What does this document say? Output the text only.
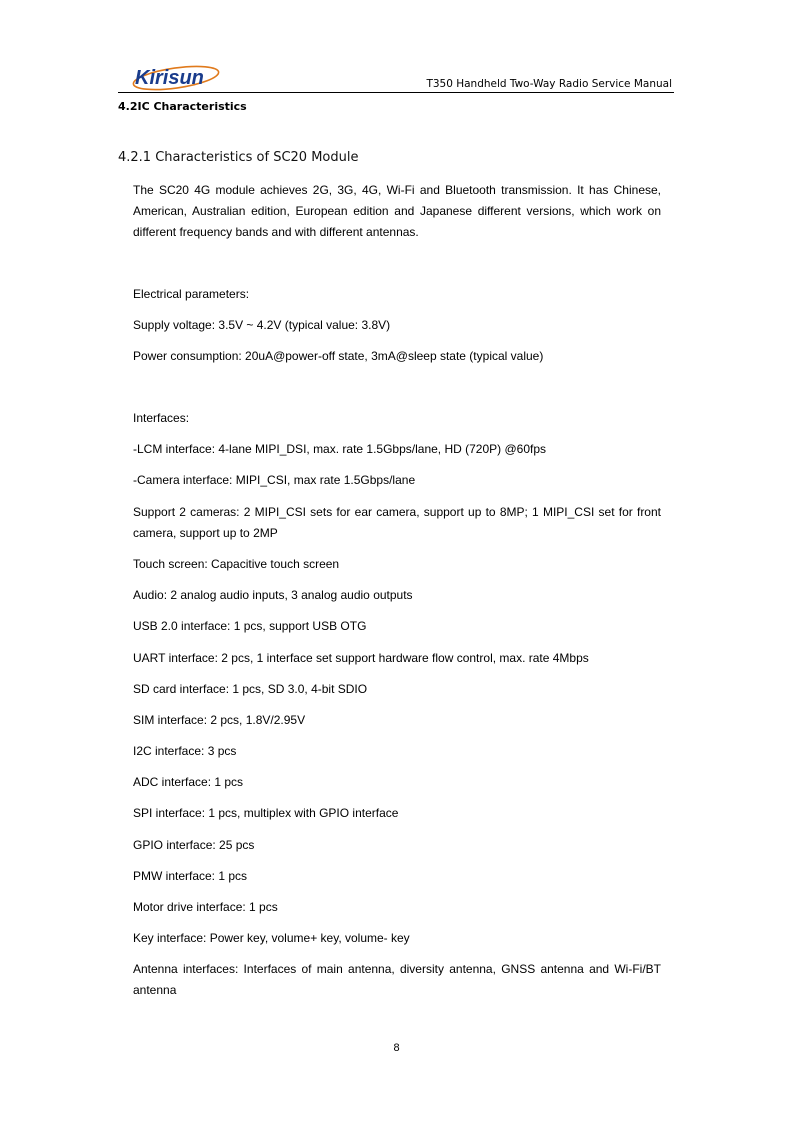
Kirisun	T350 Handheld Two-Way Radio Service Manual
4.2IC Characteristics
4.2.1 Characteristics of SC20 Module

The SC20 4G module achieves 2G, 3G, 4G, Wi-Fi and Bluetooth transmission. It has Chinese, American, Australian edition, European edition and Japanese different versions, which work on different frequency bands and with different antennas.

Electrical parameters:

Supply voltage: 3.5V ~ 4.2V (typical value: 3.8V)

Power consumption: 20uA@power-off state, 3mA@sleep state (typical value)

Interfaces:

-LCM interface: 4-lane MIPI_DSI, max. rate 1.5Gbps/lane, HD (720P) @60fps

-Camera interface: MIPI_CSI, max rate 1.5Gbps/lane

Support 2 cameras: 2 MIPI_CSI sets for ear camera, support up to 8MP; 1 MIPI_CSI set for front camera, support up to 2MP

Touch screen: Capacitive touch screen

Audio: 2 analog audio inputs, 3 analog audio outputs

USB 2.0 interface: 1 pcs, support USB OTG

UART interface: 2 pcs, 1 interface set support hardware flow control, max. rate 4Mbps

SD card interface: 1 pcs, SD 3.0, 4-bit SDIO

SIM interface: 2 pcs, 1.8V/2.95V

I2C interface: 3 pcs

ADC interface: 1 pcs

SPI interface: 1 pcs, multiplex with GPIO interface

GPIO interface: 25 pcs

PMW interface: 1 pcs

Motor drive interface: 1 pcs

Key interface: Power key, volume+ key, volume- key

Antenna interfaces: Interfaces of main antenna, diversity antenna, GNSS antenna and Wi-Fi/BT antenna

8
